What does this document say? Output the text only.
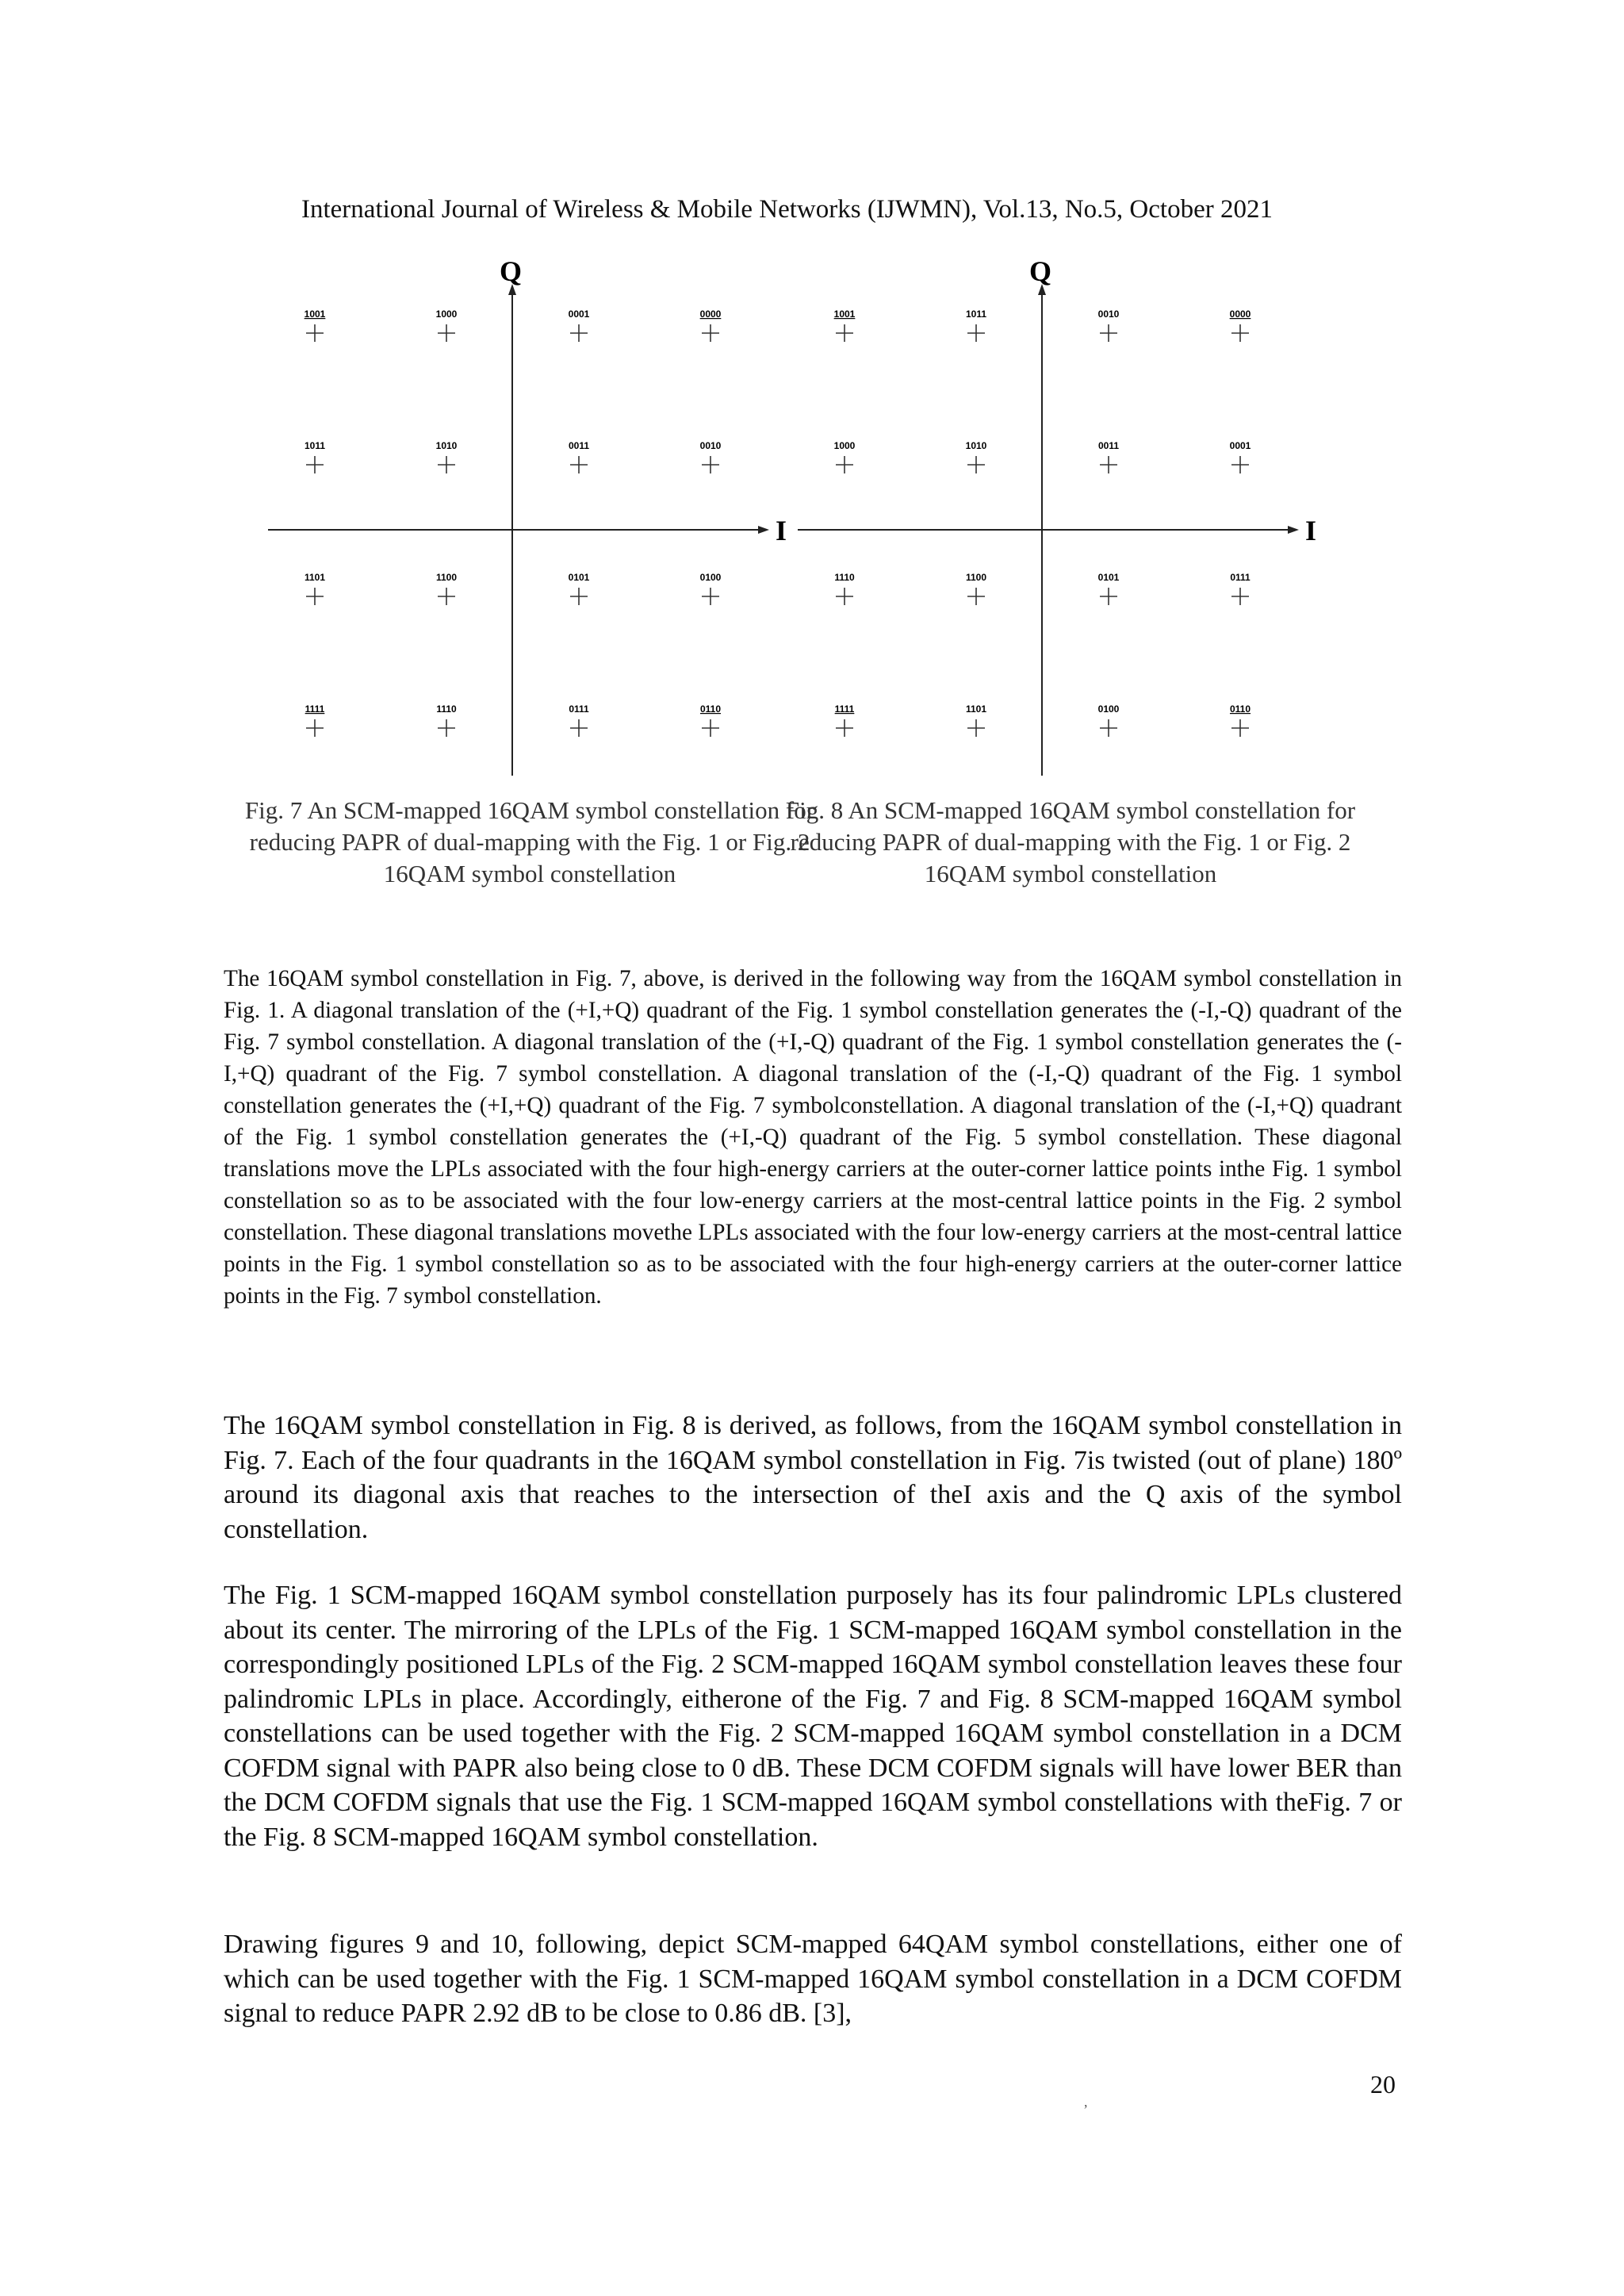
International Journal of Wireless & Mobile Networks (IJWMN), Vol.13, No.5, October 2021
I
Q
1001	1000	0001	0000
1011	1010	0011	0010
1101	1100	0101	0100
1111	1110	0111	0110
I
Q
1001	1011	0010	0000
1000	1010	0011	0001
1110	1100	0101	0111
1111	1101	0100	0110
Fig. 7 An SCM-mapped 16QAM symbol constellation for reducing PAPR of dual-mapping with the Fig. 1 or Fig. 2 16QAM symbol constellation
Fig. 8 An SCM-mapped 16QAM symbol constellation for reducing PAPR of dual-mapping with the Fig. 1 or Fig. 2 16QAM symbol constellation

The 16QAM symbol constellation in Fig. 7, above, is derived in the following way from the 16QAM symbol constellation in Fig. 1. A diagonal translation of the (+I,+Q) quadrant of the Fig. 1 symbol constellation generates the (-I,-Q) quadrant of the Fig. 7 symbol constellation. A diagonal translation of the (+I,-Q) quadrant of the Fig. 1 symbol constellation generates the (-I,+Q) quadrant of the Fig. 7 symbol constellation. A diagonal translation of the (-I,-Q) quadrant of the Fig. 1 symbol constellation generates the (+I,+Q) quadrant of the Fig. 7 symbolconstellation. A diagonal translation of the (-I,+Q) quadrant of the Fig. 1 symbol constellation generates the (+I,-Q) quadrant of the Fig. 5 symbol constellation. These diagonal translations move the LPLs associated with the four high-energy carriers at the outer-corner lattice points inthe Fig. 1 symbol constellation so as to be associated with the four low-energy carriers at the most-central lattice points in the Fig. 2 symbol constellation. These diagonal translations movethe LPLs associated with the four low-energy carriers at the most-central lattice points in the Fig. 1 symbol constellation so as to be associated with the four high-energy carriers at the outer-corner lattice points in the Fig. 7 symbol constellation.

The 16QAM symbol constellation in Fig. 8 is derived, as follows, from the 16QAM symbol constellation in Fig. 7. Each of the four quadrants in the 16QAM symbol constellation in Fig. 7is twisted (out of plane) 180º around its diagonal axis that reaches to the intersection of theI axis and the Q axis of the symbol constellation.

The Fig. 1 SCM-mapped 16QAM symbol constellation purposely has its four palindromic LPLs clustered about its center. The mirroring of the LPLs of the Fig. 1 SCM-mapped 16QAM symbol constellation in the correspondingly positioned LPLs of the Fig. 2 SCM-mapped 16QAM symbol constellation leaves these four palindromic LPLs in place. Accordingly, eitherone of the Fig. 7 and Fig. 8 SCM-mapped 16QAM symbol constellations can be used together with the Fig. 2 SCM-mapped 16QAM symbol constellation in a DCM COFDM signal with PAPR also being close to 0 dB. These DCM COFDM signals will have lower BER than the DCM COFDM signals that use the Fig. 1 SCM-mapped 16QAM symbol constellations with theFig. 7 or the Fig. 8 SCM-mapped 16QAM symbol constellation.

Drawing figures 9 and 10, following, depict SCM-mapped 64QAM symbol constellations, either one of which can be used together with the Fig. 1 SCM-mapped 16QAM symbol constellation in a DCM COFDM signal to reduce PAPR 2.92 dB to be close to 0.86 dB. [3],

20
,
